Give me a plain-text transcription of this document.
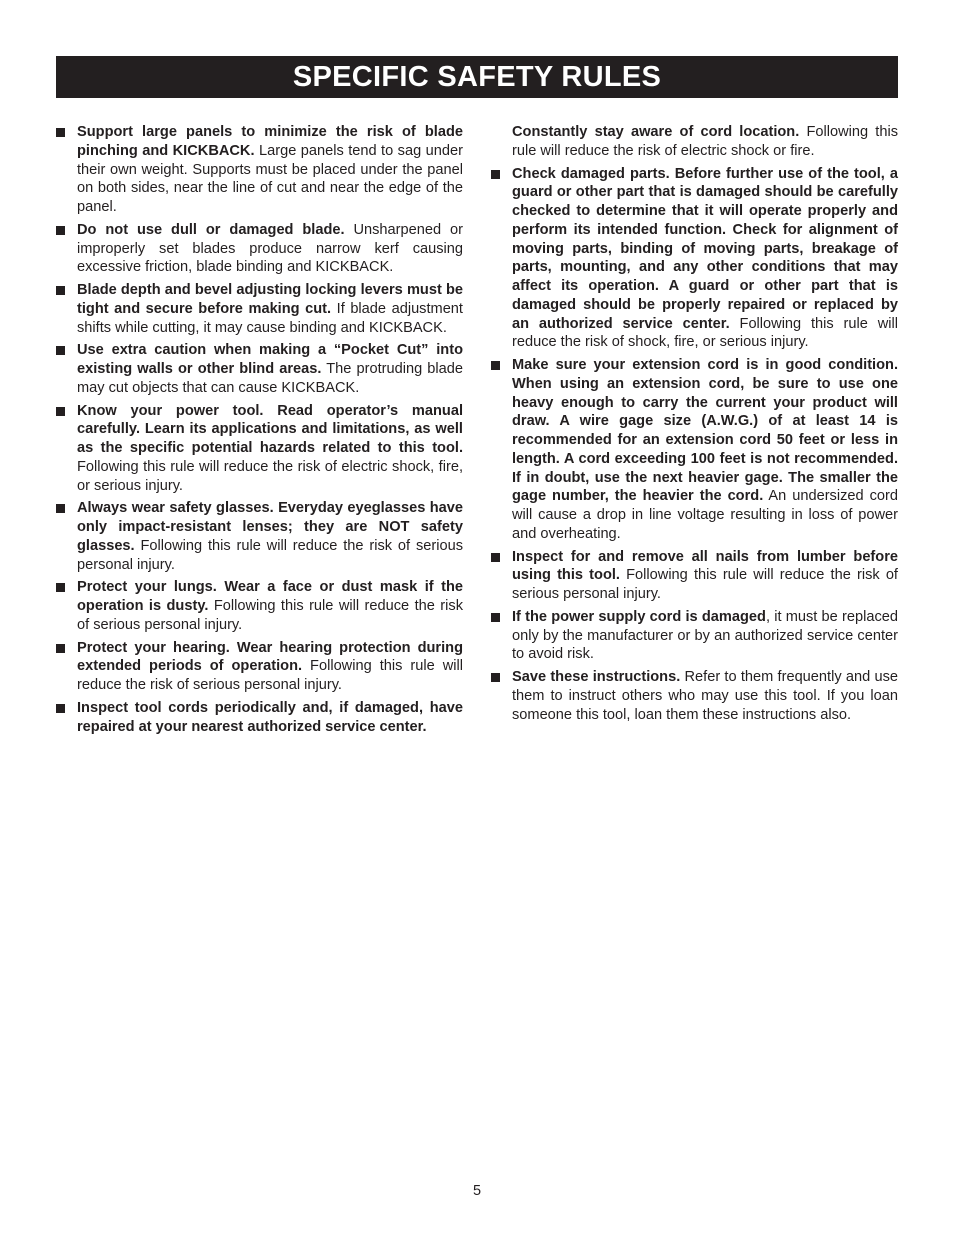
SPECIFIC SAFETY RULES
Support large panels to minimize the risk of blade pinching and KICKBACK. Large panels tend to sag under their own weight. Supports must be placed under the panel on both sides, near the line of cut and near the edge of the panel.
Do not use dull or damaged blade. Unsharpened or improperly set blades produce narrow kerf causing excessive friction, blade binding and KICKBACK.
Blade depth and bevel adjusting locking levers must be tight and secure before making cut. If blade adjustment shifts while cutting, it may cause binding and KICKBACK.
Use extra caution when making a “Pocket Cut” into existing walls or other blind areas. The protruding blade may cut objects that can cause KICKBACK.
Know your power tool. Read operator’s manual carefully. Learn its applications and limitations, as well as the specific potential hazards related to this tool. Following this rule will reduce the risk of electric shock, fire, or serious injury.
Always wear safety glasses. Everyday eyeglasses have only impact-resistant lenses; they are NOT safety glasses. Following this rule will reduce the risk of serious personal injury.
Protect your lungs. Wear a face or dust mask if the operation is dusty. Following this rule will reduce the risk of serious personal injury.
Protect your hearing. Wear hearing protection during extended periods of operation. Following this rule will reduce the risk of serious personal injury.
Inspect tool cords periodically and, if damaged, have repaired at your nearest authorized service center.
Constantly stay aware of cord location. Following this rule will reduce the risk of electric shock or fire.
Check damaged parts. Before further use of the tool, a guard or other part that is damaged should be carefully checked to determine that it will operate properly and perform its intended function. Check for alignment of moving parts, binding of moving parts, breakage of parts, mounting, and any other conditions that may affect its operation. A guard or other part that is damaged should be properly repaired or replaced by an authorized service center. Following this rule will reduce the risk of shock, fire, or serious injury.
Make sure your extension cord is in good condition. When using an extension cord, be sure to use one heavy enough to carry the current your product will draw. A wire gage size (A.W.G.) of at least 14 is recommended for an extension cord 50 feet or less in length. A cord exceeding 100 feet is not recommended. If in doubt, use the next heavier gage. The smaller the gage number, the heavier the cord. An undersized cord will cause a drop in line voltage resulting in loss of power and overheating.
Inspect for and remove all nails from lumber before using this tool. Following this rule will reduce the risk of serious personal injury.
If the power supply cord is damaged, it must be replaced only by the manufacturer or by an authorized service center to avoid risk.
Save these instructions. Refer to them frequently and use them to instruct others who may use this tool. If you loan someone this tool, loan them these instructions also.
5
